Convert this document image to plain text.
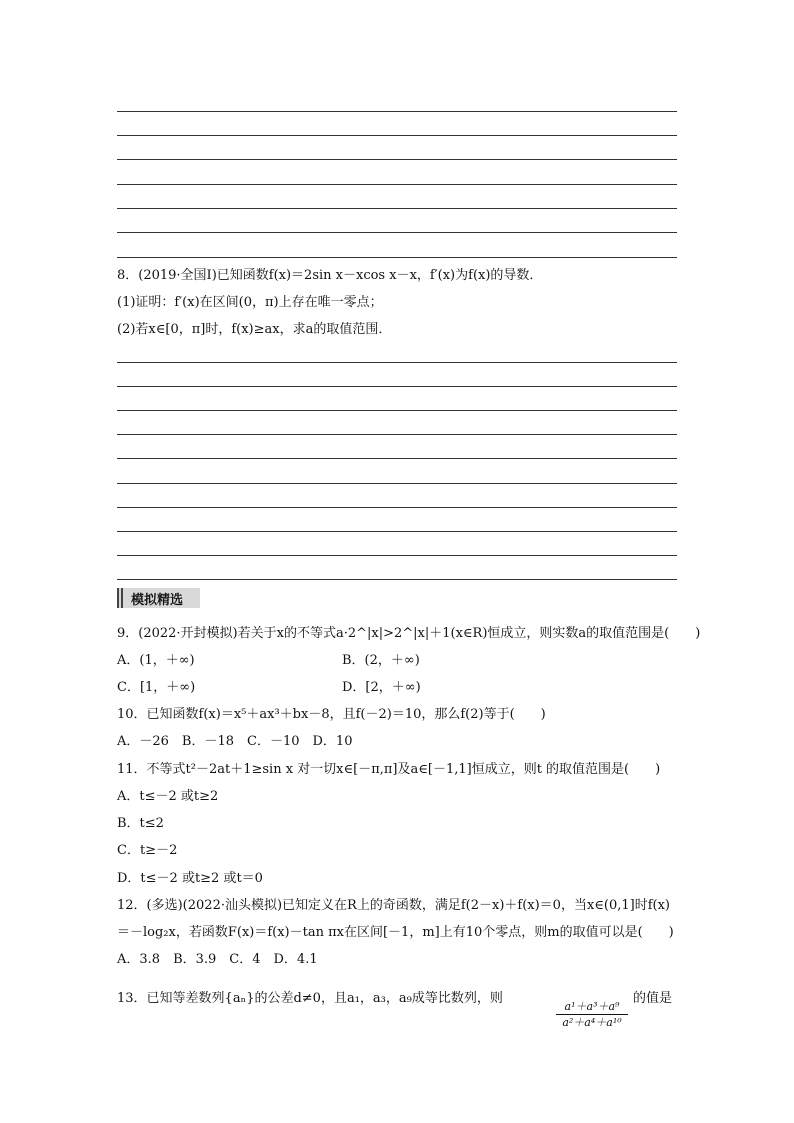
8．(2019·全国Ⅰ)已知函数f(x)＝2sin x－xcos x－x，f′(x)为f(x)的导数．
(1)证明：f′(x)在区间(0，π)上存在唯一零点；
(2)若x∈[0，π]时，f(x)≥ax，求a的取值范围．
模拟精选
9．(2022·开封模拟)若关于x的不等式a·2^|x|>2^|x|＋1(x∈R)恒成立，则实数a的取值范围是(　　)
A．(1，＋∞)	B．(2，＋∞)
C．[1，＋∞)	D．[2，＋∞)
10．已知函数f(x)＝x⁵＋ax³＋bx－8，且f(－2)＝10，那么f(2)等于(　　)
A．－26　B．－18　C．－10　D．10
11．不等式t²－2at＋1≥sin x 对一切x∈[－π,π]及a∈[－1,1]恒成立，则t 的取值范围是(　　)
A．t≤－2 或t≥2
B．t≤2
C．t≥－2
D．t≤－2 或t≥2 或t＝0
12．(多选)(2022·汕头模拟)已知定义在R上的奇函数，满足f(2－x)＋f(x)＝0，当x∈(0,1]时f(x)
＝－log₂x，若函数F(x)＝f(x)－tan πx在区间[－1，m]上有10个零点，则m的取值可以是(　　)
A．3.8　B．3.9　C．4　D．4.1
13．已知等差数列{aₙ}的公差d≠0，且a₁，a₃，a₉成等比数列，则
a¹＋a³＋a⁹
a²＋a⁴＋a¹⁰
的值是
